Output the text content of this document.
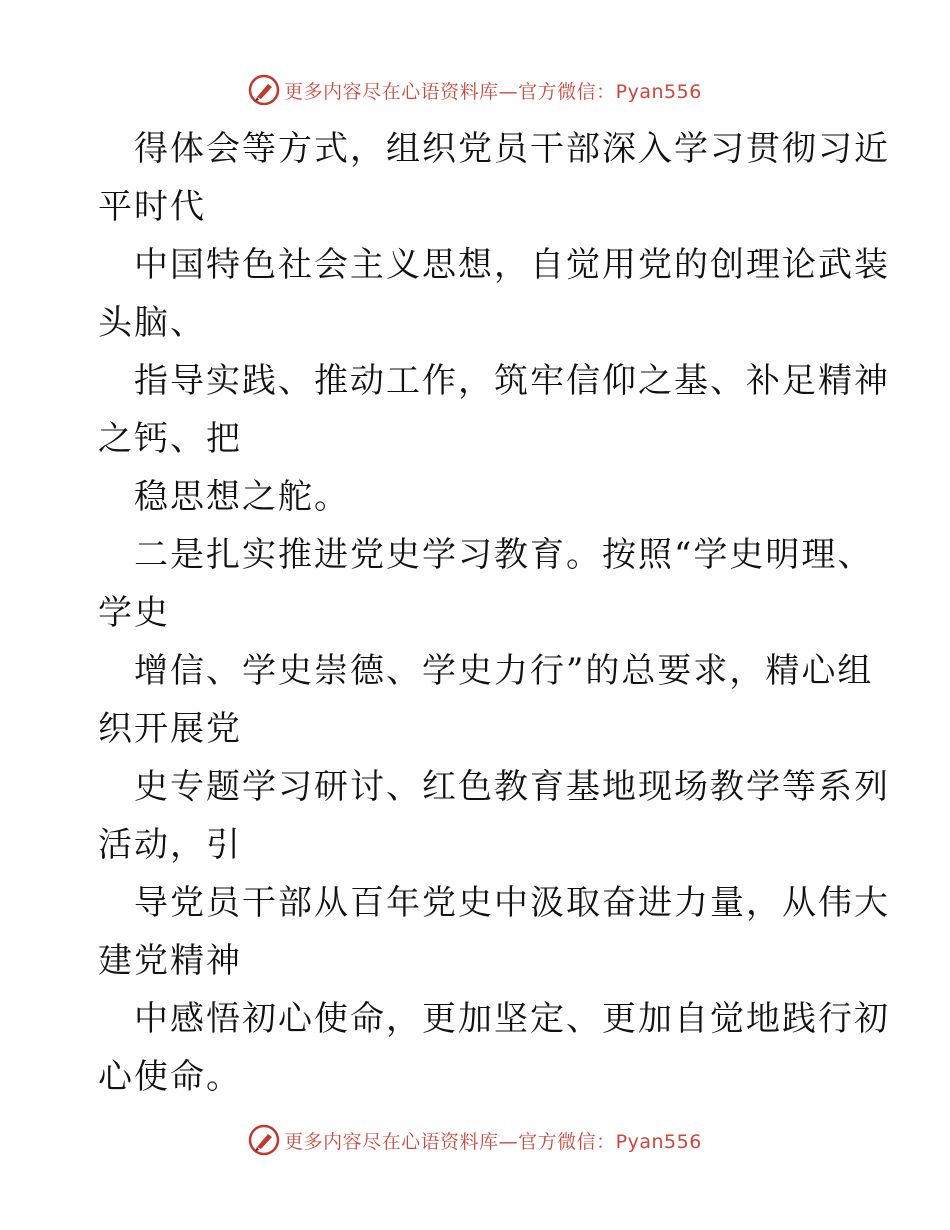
更多内容尽在心语资料库—官方微信：Pyan556
得体会等方式，组织党员干部深入学习贯彻习近
平时代
中国特色社会主义思想，自觉用党的创理论武装
头脑、
指导实践、推动工作，筑牢信仰之基、补足精神
之钙、把
稳思想之舵。
二是扎实推进党史学习教育。按照“学史明理、
学史
增信、学史崇德、学史力行”的总要求，精心组
织开展党
史专题学习研讨、红色教育基地现场教学等系列
活动，引
导党员干部从百年党史中汲取奋进力量，从伟大
建党精神
中感悟初心使命，更加坚定、更加自觉地践行初
心使命。
更多内容尽在心语资料库—官方微信：Pyan556
